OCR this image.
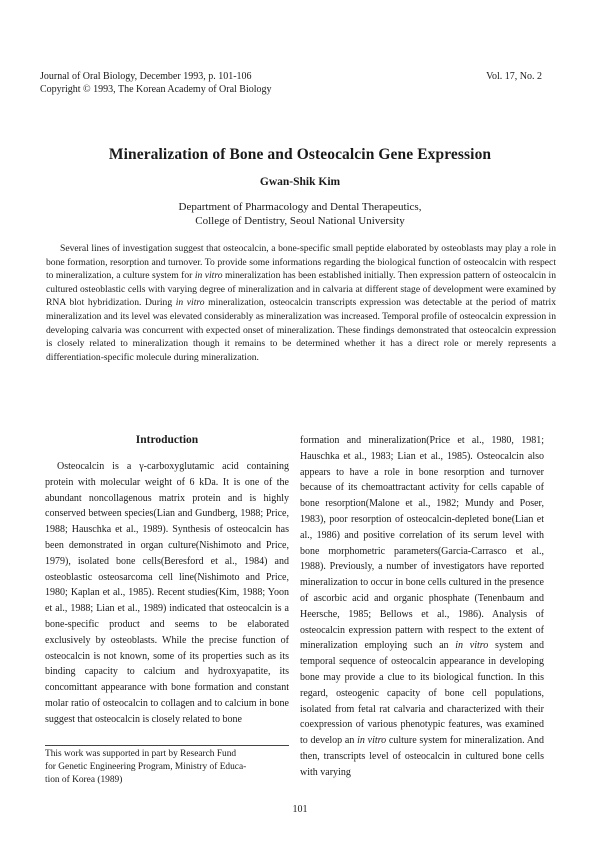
Journal of Oral Biology, December 1993, p. 101-106
Copyright © 1993, The Korean Academy of Oral Biology
Vol. 17, No. 2
Mineralization of Bone and Osteocalcin Gene Expression
Gwan-Shik Kim
Department of Pharmacology and Dental Therapeutics,
College of Dentistry, Seoul National University

Several lines of investigation suggest that osteocalcin, a bone-specific small peptide elaborated by osteoblasts may play a role in bone formation, resorption and turnover. To provide some informations regarding the biological function of osteocalcin with respect to mineralization, a culture system for in vitro mineralization has been established initially. Then expression pattern of osteocalcin in cultured osteoblastic cells with varying degree of mineralization and in calvaria at different stage of development were examined by RNA blot hybridization. During in vitro mineralization, osteocalcin transcripts expression was detectable at the period of matrix mineralization and its level was elevated considerably as mineralization was increased. Temporal profile of osteocalcin expression in developing calvaria was concurrent with expected onset of mineralization. These findings demonstrated that osteocalcin expression is closely related to mineralization though it remains to be determined whether it has a direct role or merely represents a differentiation-specific molecule during mineralization.

Introduction

Osteocalcin is a γ-carboxyglutamic acid containing protein with molecular weight of 6 kDa. It is one of the abundant noncollagenous matrix protein and is highly conserved between species(Lian and Gundberg, 1988; Price, 1988; Hauschka et al., 1989). Synthesis of osteocalcin has been demonstrated in organ culture(Nishimoto and Price, 1979), isolated bone cells(Beresford et al., 1984) and osteoblastic osteosarcoma cell line(Nishimoto and Price, 1980; Kaplan et al., 1985). Recent studies(Kim, 1988; Yoon et al., 1988; Lian et al., 1989) indicated that osteocalcin is a bone-specific product and seems to be elaborated exclusively by osteoblasts. While the precise function of osteocalcin is not known, some of its properties such as its binding capacity to calcium and hydroxyapatite, its concomittant appearance with bone formation and constant molar ratio of osteocalcin to collagen and to calcium in bone suggest that osteocalcin is closely related to bone

formation and mineralization(Price et al., 1980, 1981; Hauschka et al., 1983; Lian et al., 1985). Osteocalcin also appears to have a role in bone resorption and turnover because of its chemoattractant activity for cells capable of bone resorption(Malone et al., 1982; Mundy and Poser, 1983), poor resorption of osteocalcin-depleted bone(Lian et al., 1986) and positive correlation of its serum level with bone morphometric parameters(Garcia-Carrasco et al., 1988). Previously, a number of investigators have reported mineralization to occur in bone cells cultured in the presence of ascorbic acid and organic phosphate (Tenenbaum and Heersche, 1985; Bellows et al., 1986). Analysis of osteocalcin expression pattern with respect to the extent of mineralization employing such an in vitro system and temporal sequence of osteocalcin appearance in developing bone may provide a clue to its biological function. In this regard, osteogenic capacity of bone cell populations, isolated from fetal rat calvaria and characterized with their coexpression of various phenotypic features, was examined to develop an in vitro culture system for mineralization. And then, transcripts level of osteocalcin in cultured bone cells with varying

This work was supported in part by Research Fund
for Genetic Engineering Program, Ministry of Educa-
tion of Korea (1989)
101
